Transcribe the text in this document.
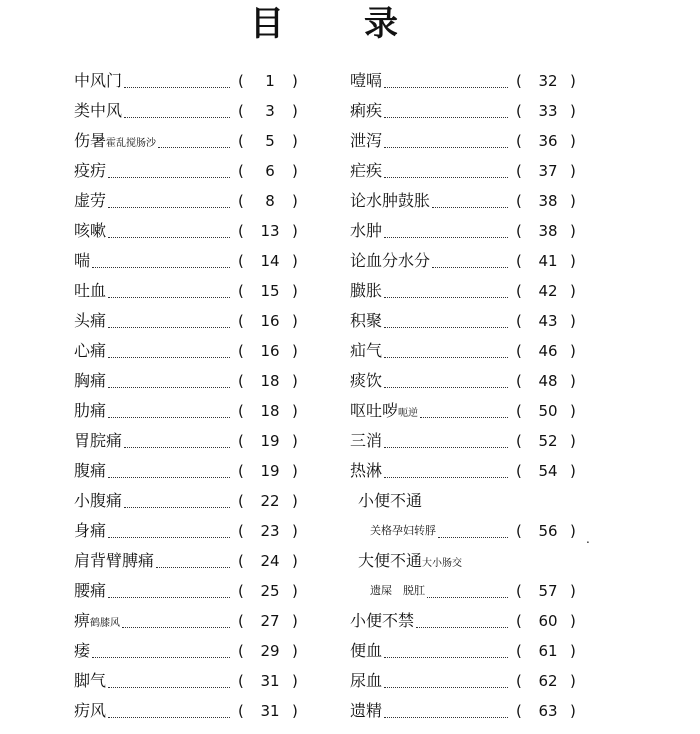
目 录
中风门	(	1	)
类中风	(	3	)
伤暑霍乱搅肠沙	(	5	)
疫疠	(	6	)
虚劳	(	8	)
咳嗽	(	13 )
喘	(	14 )
吐血	(	15 )
头痛	(	16 )
心痛	(	16 )
胸痛	(	18 )
肋痛	(	18 )
胃脘痛	(	19 )
腹痛	(	19 )
小腹痛	(	22 )
身痛	(	23 )
肩背臂膊痛	(	24 )
腰痛	(	25 )
痹鹤膝风	(	27 )
痿	(	29 )
脚气	(	31 )
疠风	(	31 )
噎嗝	(	32 )
痢疾	(	33 )
泄泻	(	36 )
疟疾	(	37 )
论水肿鼓胀	(	38 )
水肿	(	38 )
论血分水分	(	41 )
臌胀	(	42 )
积聚	(	43 )
疝气	(	46 )
痰饮	(	48 )
呕吐哕呃逆	(	50 )
三消	(	52 )
热淋	(	54 )
小便不通
关格孕妇转脬	(	56 )
大便不通大小肠交
遗屎　脱肛	(	57 )
小便不禁	(	60 )
便血	(	61 )
尿血	(	62 )
遗精	(	63 )
.
